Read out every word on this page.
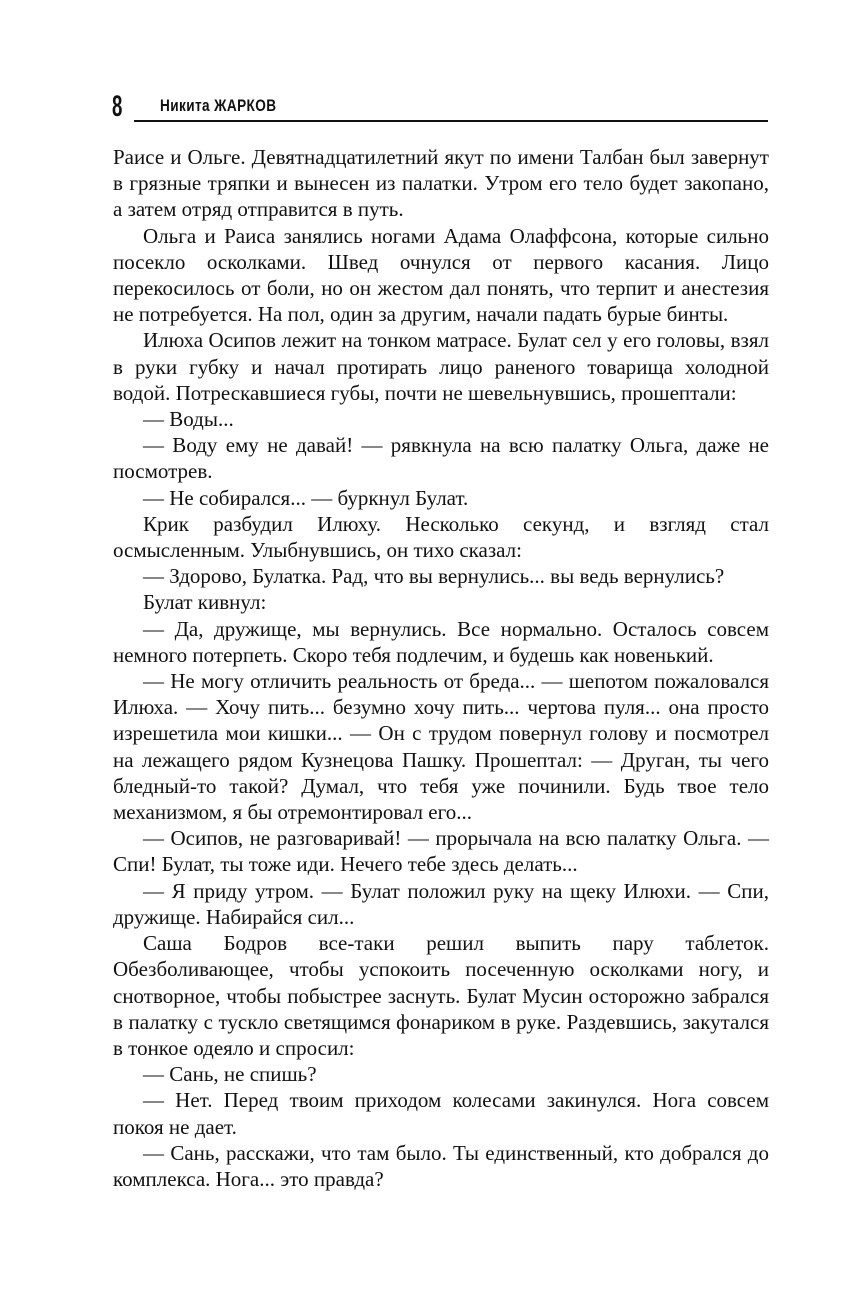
8 Никита ЖАРКОВ

Раисе и Ольге. Девятнадцатилетний якут по имени Талбан был завернут в грязные тряпки и вынесен из палатки. Утром его тело будет закопано, а затем отряд отправится в путь.

Ольга и Раиса занялись ногами Адама Олаффсона, которые сильно посекло осколками. Швед очнулся от первого касания. Лицо перекосилось от боли, но он жестом дал понять, что терпит и анестезия не потребуется. На пол, один за другим, начали падать бурые бинты.

Илюха Осипов лежит на тонком матрасе. Булат сел у его головы, взял в руки губку и начал протирать лицо раненого товарища холодной водой. Потрескавшиеся губы, почти не шевельнувшись, прошептали:

— Воды...

— Воду ему не давай! — рявкнула на всю палатку Ольга, даже не посмотрев.

— Не собирался... — буркнул Булат.

Крик разбудил Илюху. Несколько секунд, и взгляд стал осмысленным. Улыбнувшись, он тихо сказал:

— Здорово, Булатка. Рад, что вы вернулись... вы ведь вернулись?

Булат кивнул:

— Да, дружище, мы вернулись. Все нормально. Осталось совсем немного потерпеть. Скоро тебя подлечим, и будешь как новенький.

— Не могу отличить реальность от бреда... — шепотом пожаловался Илюха. — Хочу пить... безумно хочу пить... чертова пуля... она просто изрешетила мои кишки... — Он с трудом повернул голову и посмотрел на лежащего рядом Кузнецова Пашку. Прошептал: — Друган, ты чего бледный-то такой? Думал, что тебя уже починили. Будь твое тело механизмом, я бы отремонтировал его...

— Осипов, не разговаривай! — прорычала на всю палатку Ольга. — Спи! Булат, ты тоже иди. Нечего тебе здесь делать...

— Я приду утром. — Булат положил руку на щеку Илюхи. — Спи, дружище. Набирайся сил...

Саша Бодров все-таки решил выпить пару таблеток. Обезболивающее, чтобы успокоить посеченную осколками ногу, и снотворное, чтобы побыстрее заснуть. Булат Мусин осторожно забрался в палатку с тускло светящимся фонариком в руке. Раздевшись, закутался в тонкое одеяло и спросил:

— Сань, не спишь?

— Нет. Перед твоим приходом колесами закинулся. Нога совсем покоя не дает.

— Сань, расскажи, что там было. Ты единственный, кто добрался до комплекса. Нога... это правда?
